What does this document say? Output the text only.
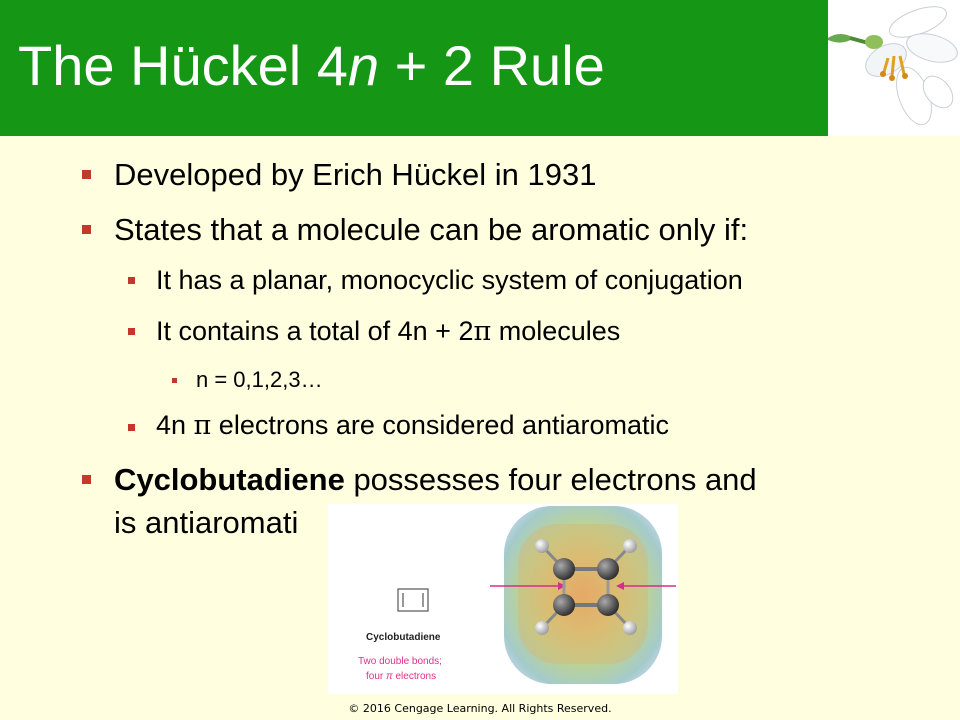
The Hückel 4n + 2 Rule
Developed by Erich Hückel in 1931
States that a molecule can be aromatic only if:
It has a planar, monocyclic system of conjugation
It contains a total of 4n + 2π molecules
n = 0,1,2,3…
4n π electrons are considered antiaromatic
Cyclobutadiene possesses four electrons and
is antiaromati
Cyclobutadiene
Two double bonds;
four π electrons
© 2016 Cengage Learning. All Rights Reserved.
